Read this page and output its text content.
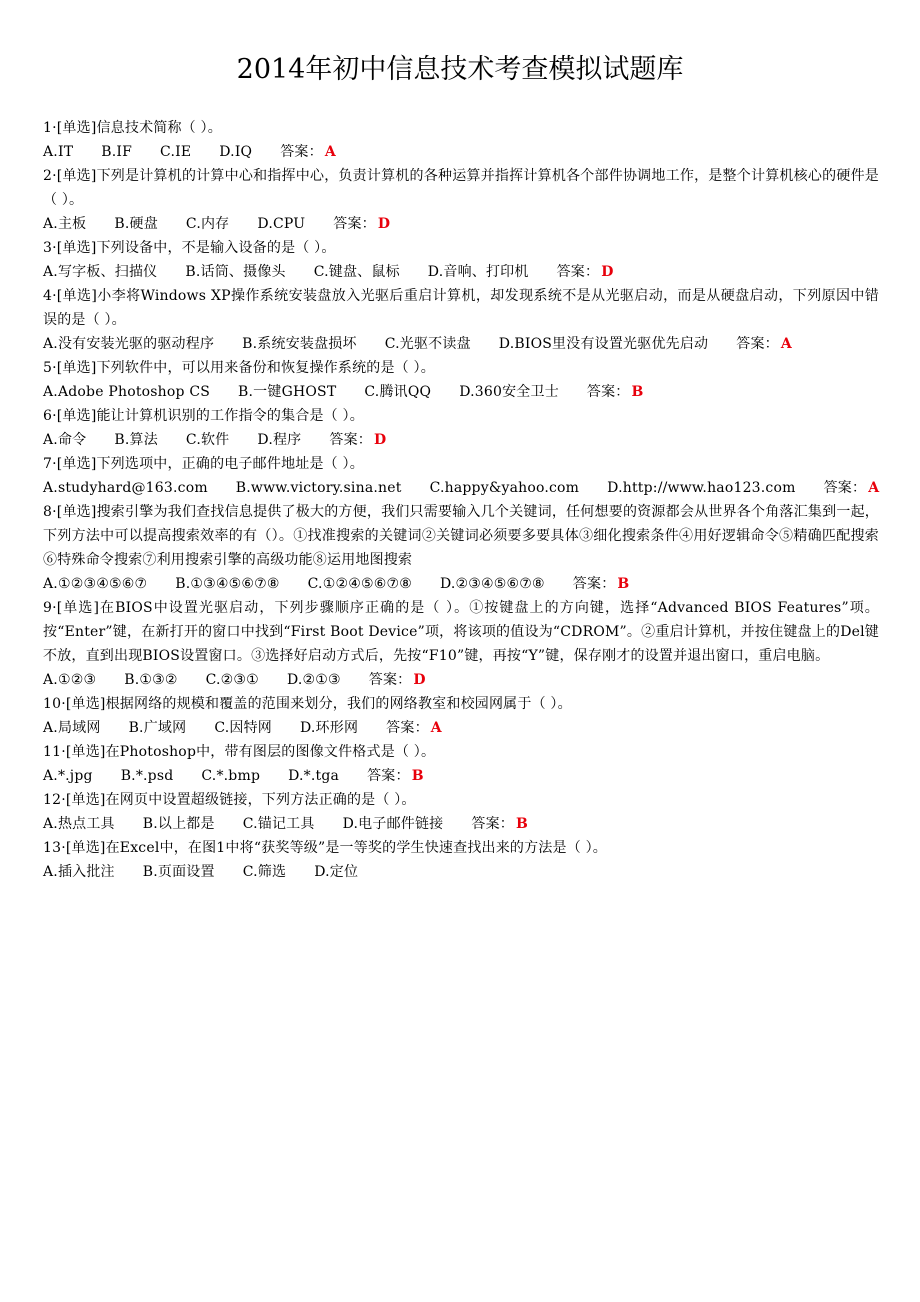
2014年初中信息技术考查模拟试题库
1·[单选]信息技术简称（ ）。
A.IT B.IF C.IE D.IQ 答案： A
2·[单选]下列是计算机的计算中心和指挥中心，负责计算机的各种运算并指挥计算机各个部件协调地工作，是整个计算机核心的硬件是（ ）。
A.主板 B.硬盘 C.内存 D.CPU 答案： D
3·[单选]下列设备中，不是输入设备的是（ ）。
A.写字板、扫描仪 B.话筒、摄像头 C.键盘、鼠标 D.音响、打印机 答案： D
4·[单选]小李将Windows XP操作系统安装盘放入光驱后重启计算机，却发现系统不是从光驱启动，而是从硬盘启动，下列原因中错误的是（ ）。
A.没有安装光驱的驱动程序 B.系统安装盘损坏 C.光驱不读盘 D.BIOS里没有设置光驱优先启动 答案： A
5·[单选]下列软件中，可以用来备份和恢复操作系统的是（ ）。
A.Adobe Photoshop CS B.一键GHOST C.腾讯QQ D.360安全卫士 答案： B
6·[单选]能让计算机识别的工作指令的集合是（ ）。
A.命令 B.算法 C.软件 D.程序 答案： D
7·[单选]下列选项中，正确的电子邮件地址是（ ）。
A.studyhard@163.com B.www.victory.sina.net C.happy&yahoo.com D.http://www.hao123.com 答案： A
8·[单选]搜索引擎为我们查找信息提供了极大的方便，我们只需要输入几个关键词，任何想要的资源都会从世界各个角落汇集到一起，下列方法中可以提高搜索效率的有（）。①找准搜索的关键词②关键词必须要多要具体③细化搜索条件④用好逻辑命令⑤精确匹配搜索⑥特殊命令搜索⑦利用搜索引擎的高级功能⑧运用地图搜索
A.①②③④⑤⑥⑦ B.①③④⑤⑥⑦⑧ C.①②④⑤⑥⑦⑧ D.②③④⑤⑥⑦⑧ 答案： B
9·[单选]在BIOS中设置光驱启动，下列步骤顺序正确的是（ ）。①按键盘上的方向键，选择“Advanced BIOS Features”项。按“Enter”键，在新打开的窗口中找到“First Boot Device”项，将该项的值设为“CDROM”。②重启计算机，并按住键盘上的Del键不放，直到出现BIOS设置窗口。③选择好启动方式后，先按“F10”键，再按“Y”键，保存刚才的设置并退出窗口，重启电脑。
A.①②③ B.①③② C.②③① D.②①③ 答案： D
10·[单选]根据网络的规模和覆盖的范围来划分，我们的网络教室和校园网属于（ ）。
A.局域网 B.广域网 C.因特网 D.环形网 答案： A
11·[单选]在Photoshop中，带有图层的图像文件格式是（ ）。
A.*.jpg B.*.psd C.*.bmp D.*.tga 答案： B
12·[单选]在网页中设置超级链接，下列方法正确的是（ ）。
A.热点工具 B.以上都是 C.锚记工具 D.电子邮件链接 答案： B
13·[单选]在Excel中，在图1中将“获奖等级”是一等奖的学生快速查找出来的方法是（ ）。
A.插入批注 B.页面设置 C.筛选 D.定位
